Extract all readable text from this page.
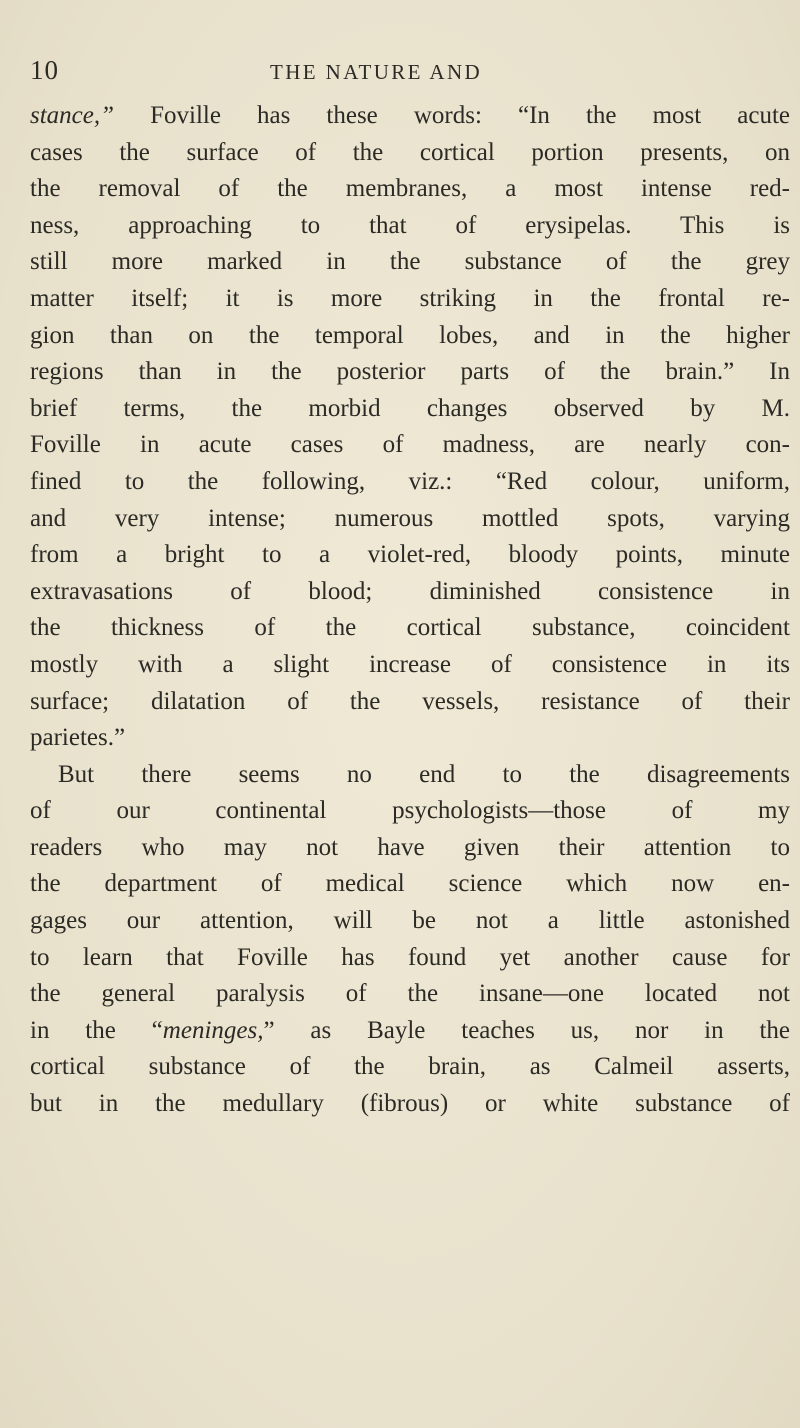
10	THE NATURE AND
stance,” Foville has these words: “In the most acute
cases the surface of the cortical portion presents, on
the removal of the membranes, a most intense red-
ness, approaching to that of erysipelas. This is
still more marked in the substance of the grey
matter itself; it is more striking in the frontal re-
gion than on the temporal lobes, and in the higher
regions than in the posterior parts of the brain.” In
brief terms, the morbid changes observed by M.
Foville in acute cases of madness, are nearly con-
fined to the following, viz.: “Red colour, uniform,
and very intense; numerous mottled spots, varying
from a bright to a violet-red, bloody points, minute
extravasations of blood; diminished consistence in
the thickness of the cortical substance, coincident
mostly with a slight increase of consistence in its
surface; dilatation of the vessels, resistance of their
parietes.”
But there seems no end to the disagreements
of our continental psychologists—those of my
readers who may not have given their attention to
the department of medical science which now en-
gages our attention, will be not a little astonished
to learn that Foville has found yet another cause for
the general paralysis of the insane—one located not
in the “meninges,” as Bayle teaches us, nor in the
cortical substance of the brain, as Calmeil asserts,
but in the medullary (fibrous) or white substance of
